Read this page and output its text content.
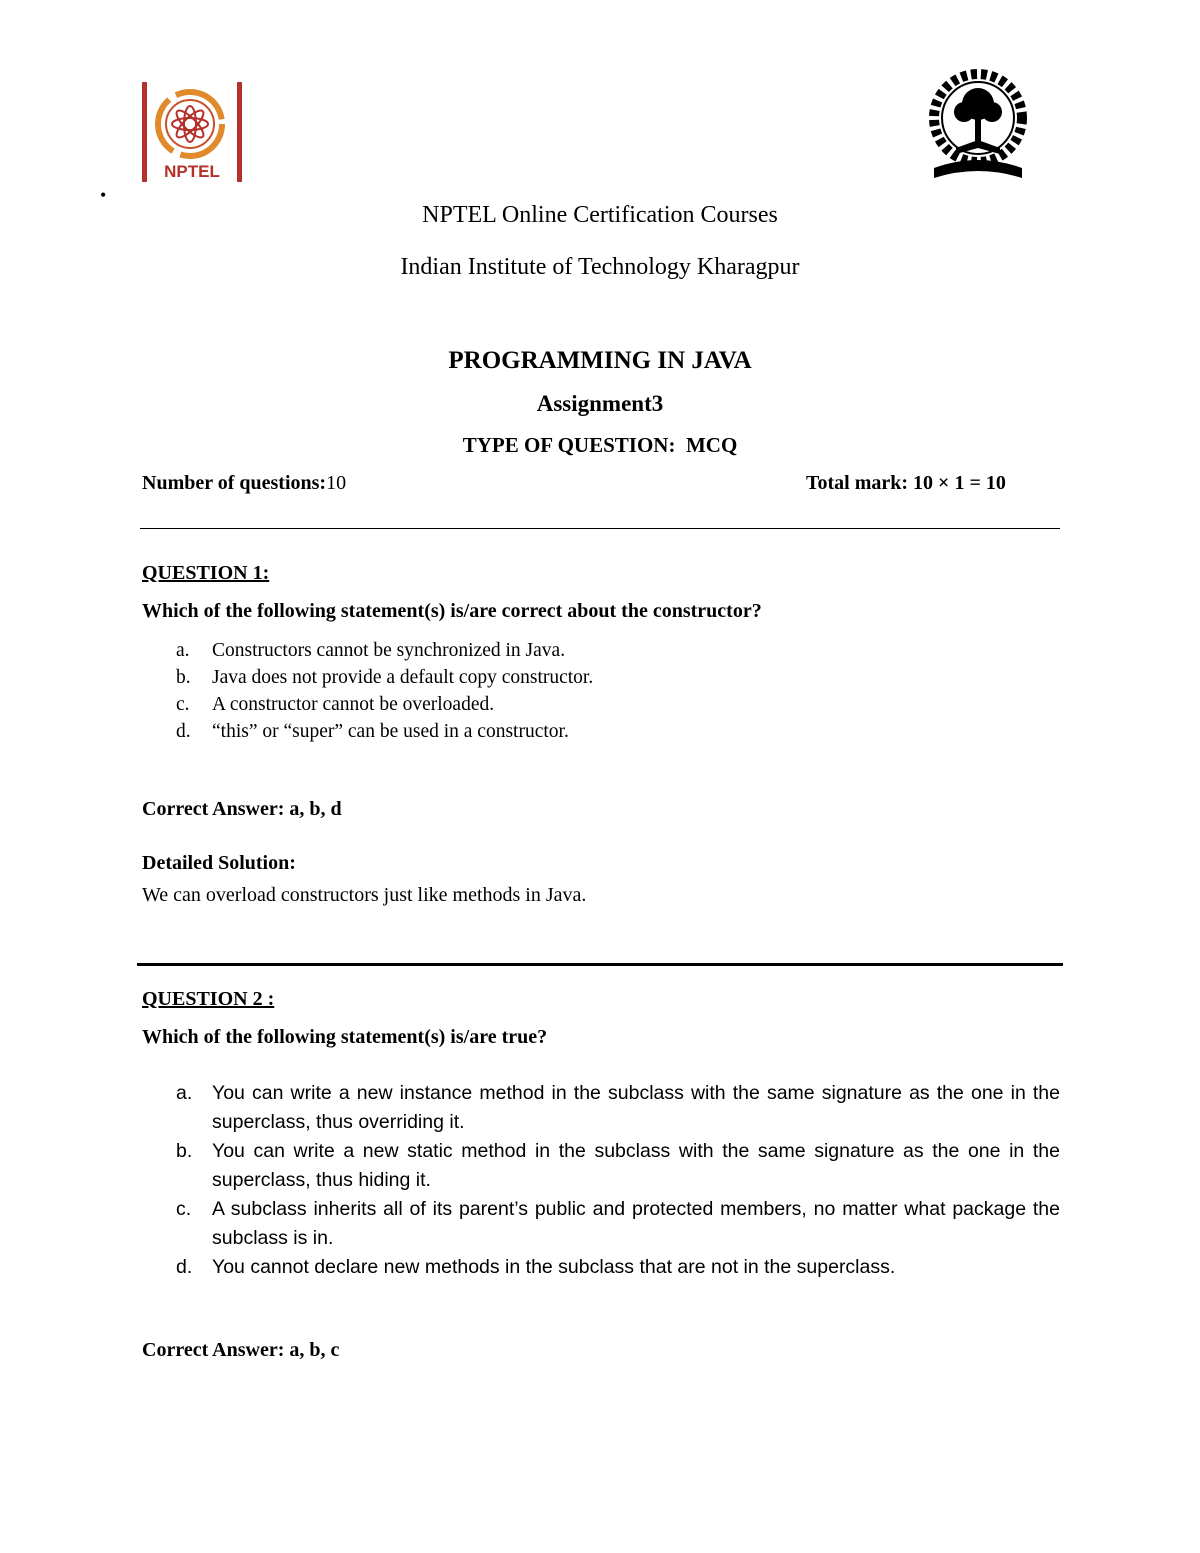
NPTEL
•
NPTEL Online Certification Courses
Indian Institute of Technology Kharagpur
PROGRAMMING IN JAVA
Assignment3
TYPE OF QUESTION: MCQ
Number of questions:10	Total mark: 10 × 1 = 10
QUESTION 1:
Which of the following statement(s) is/are correct about the constructor?
a. Constructors cannot be synchronized in Java.
b. Java does not provide a default copy constructor.
c. A constructor cannot be overloaded.
d. “this” or “super” can be used in a constructor.
Correct Answer: a, b, d
Detailed Solution:
We can overload constructors just like methods in Java.
QUESTION 2 :
Which of the following statement(s) is/are true?
a. You can write a new instance method in the subclass with the same signature as the one in the superclass, thus overriding it.
b. You can write a new static method in the subclass with the same signature as the one in the superclass, thus hiding it.
c. A subclass inherits all of its parent’s public and protected members, no matter what package the subclass is in.
d. You cannot declare new methods in the subclass that are not in the superclass.
Correct Answer: a, b, c
